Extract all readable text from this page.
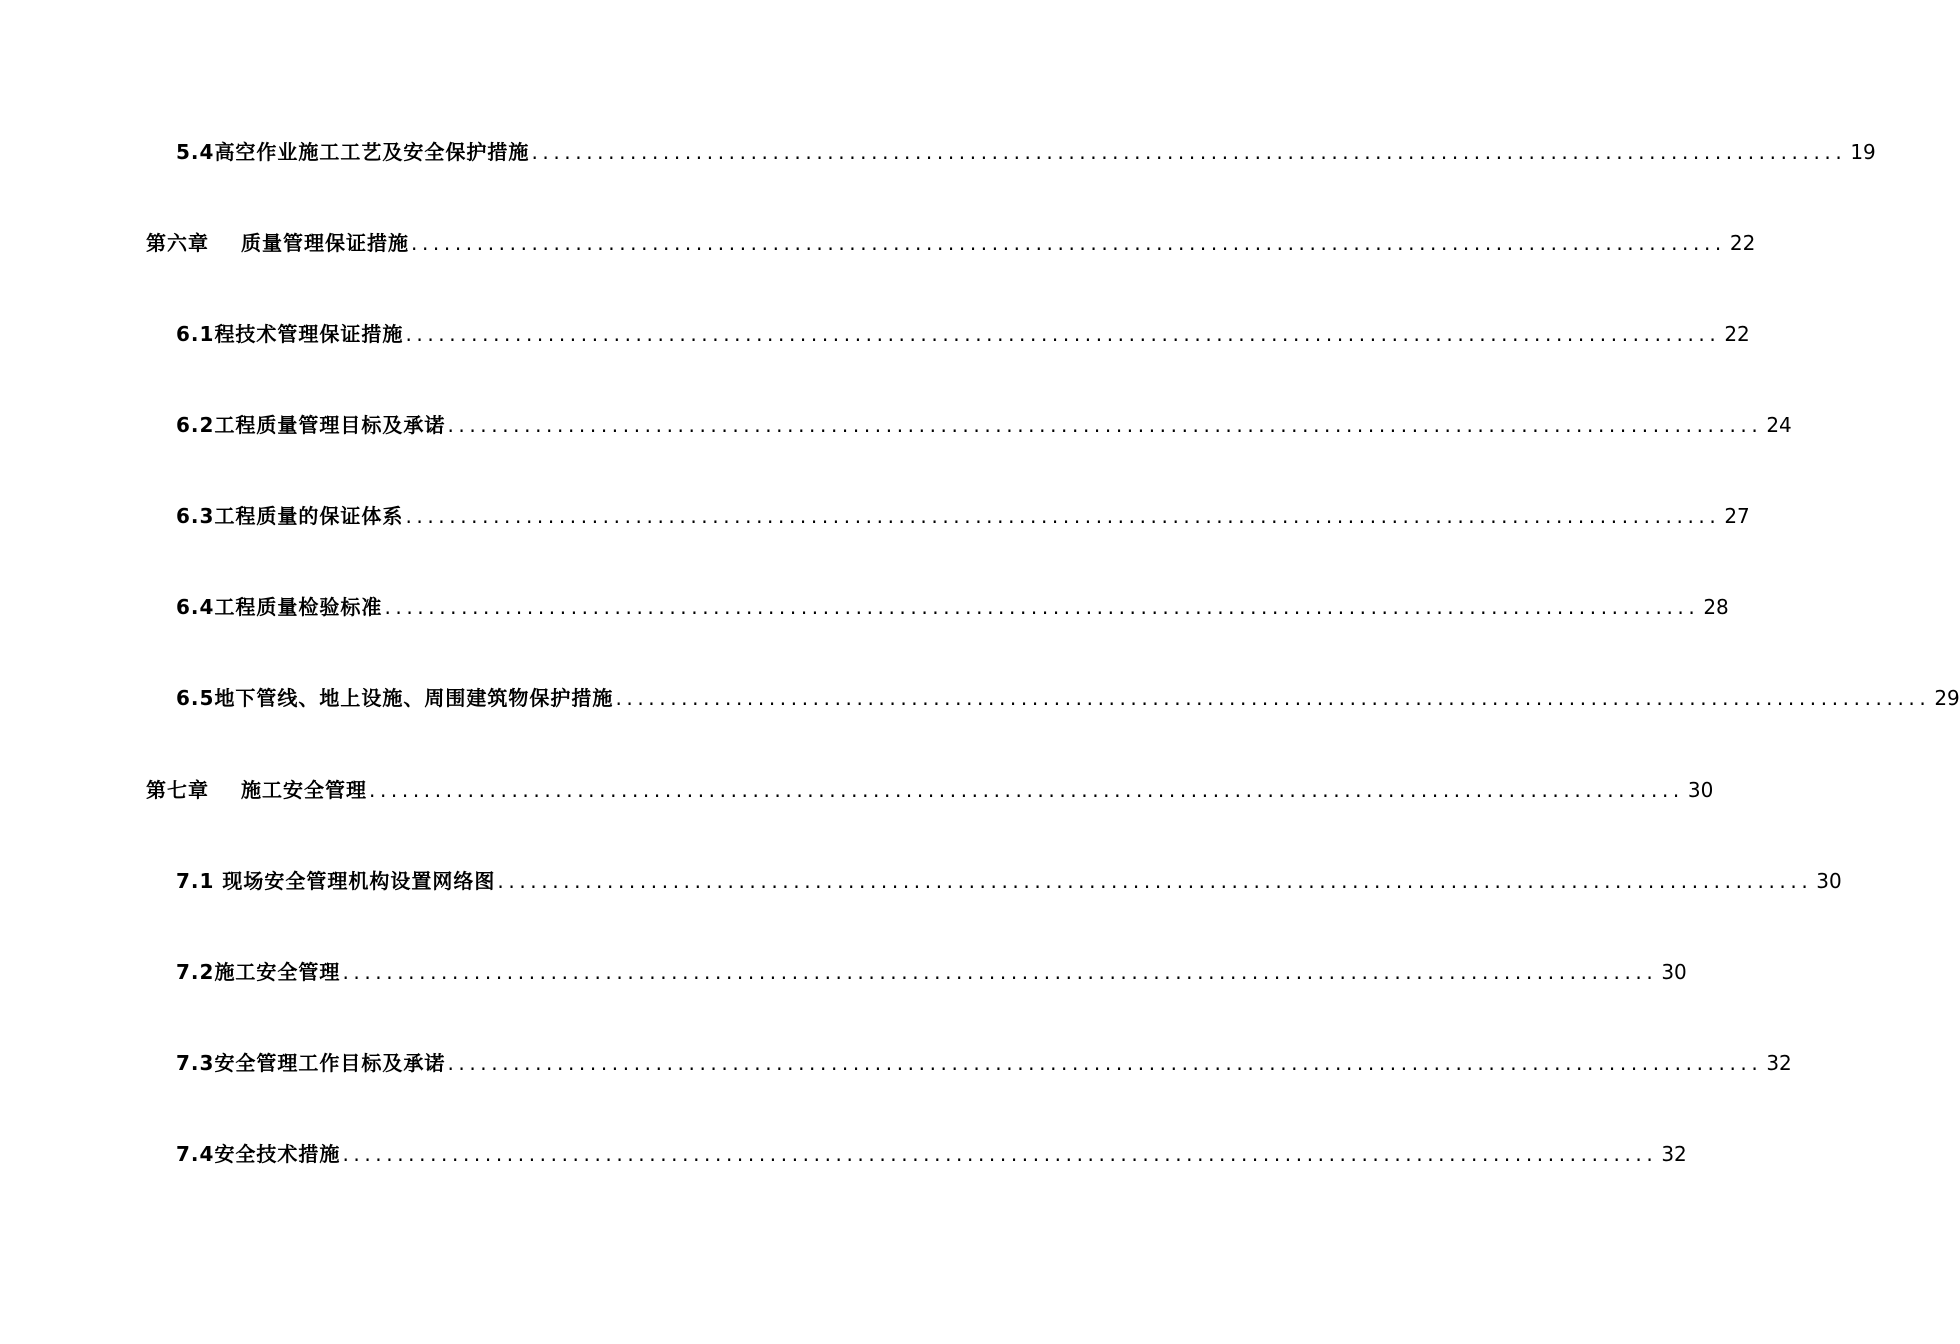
5.4高空作业施工工艺及安全保护措施 ........................................................................................................................ 19
第六章 质量管理保证措施 ........................................................................................................................ 22
6.1程技术管理保证措施 ........................................................................................................................ 22
6.2工程质量管理目标及承诺 ........................................................................................................................ 24
6.3工程质量的保证体系 ........................................................................................................................ 27
6.4工程质量检验标准 ........................................................................................................................ 28
6.5地下管线、地上设施、周围建筑物保护措施 ........................................................................................................................ 29
第七章 施工安全管理 ........................................................................................................................ 30
7.1 现场安全管理机构设置网络图 ........................................................................................................................ 30
7.2施工安全管理 ........................................................................................................................ 30
7.3安全管理工作目标及承诺 ........................................................................................................................ 32
7.4安全技术措施 ........................................................................................................................ 32
